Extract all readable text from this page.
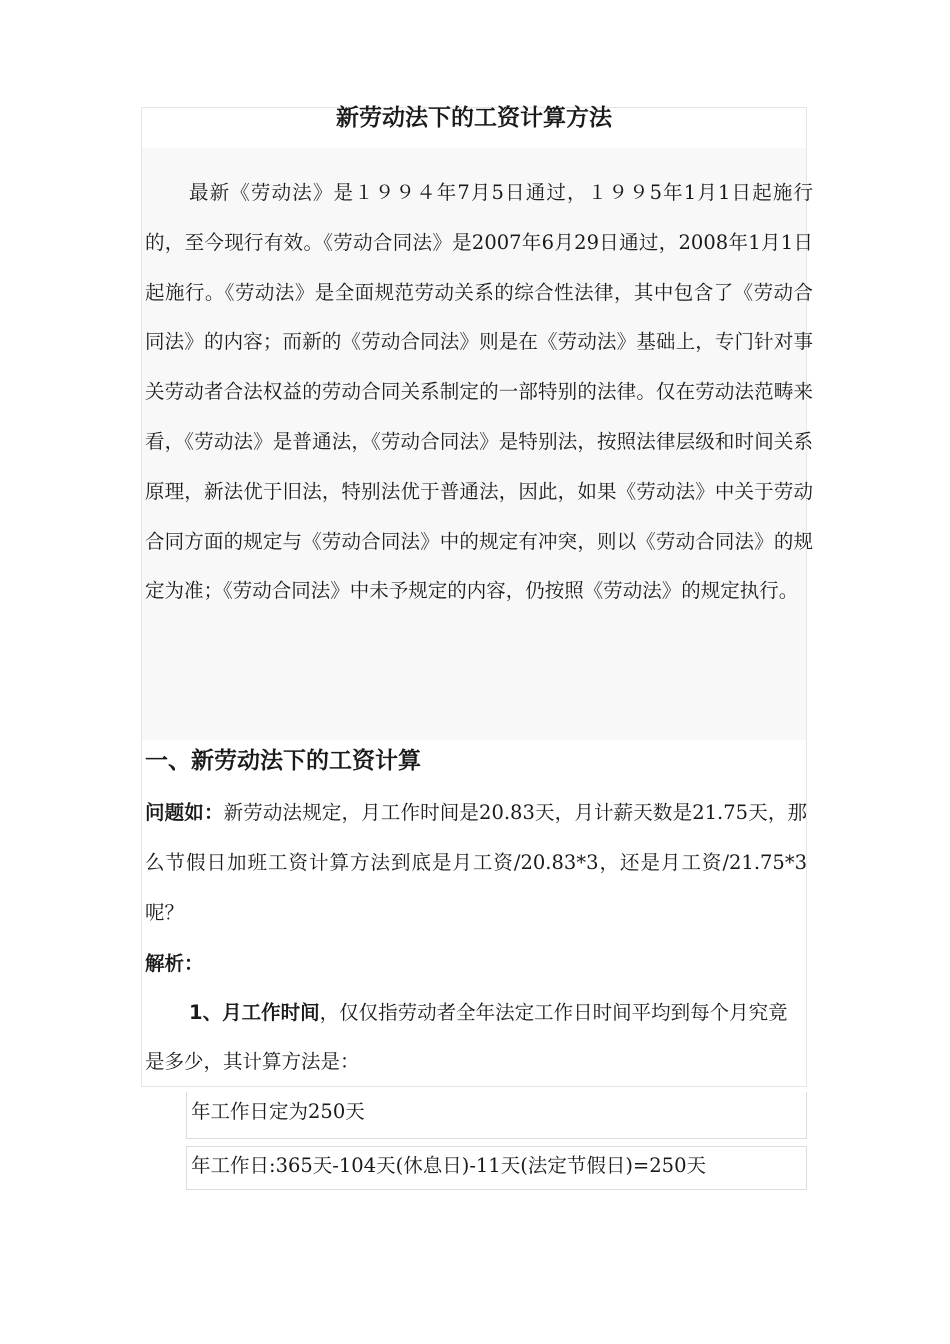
新劳动法下的工资计算方法

最新《劳动法》是１９９４年7月5日通过，１９９5年1月1日起施行的，至今现行有效。《劳动合同法》是2007年6月29日通过，2008年1月1日起施行。《劳动法》是全面规范劳动关系的综合性法律，其中包含了《劳动合同法》的内容；而新的《劳动合同法》则是在《劳动法》基础上，专门针对事关劳动者合法权益的劳动合同关系制定的一部特别的法律。仅在劳动法范畴来看，《劳动法》是普通法，《劳动合同法》是特别法，按照法律层级和时间关系原理，新法优于旧法，特别法优于普通法，因此，如果《劳动法》中关于劳动合同方面的规定与《劳动合同法》中的规定有冲突，则以《劳动合同法》的规定为准；《劳动合同法》中未予规定的内容，仍按照《劳动法》的规定执行。

一、新劳动法下的工资计算

问题如：新劳动法规定，月工作时间是20.83天，月计薪天数是21.75天，那么节假日加班工资计算方法到底是月工资/20.83*3，还是月工资/21.75*3呢？

解析：

1、月工作时间，仅仅指劳动者全年法定工作日时间平均到每个月究竟是多少，其计算方法是：

年工作日定为250天
年工作日:365天-104天(休息日)-11天(法定节假日)=250天
